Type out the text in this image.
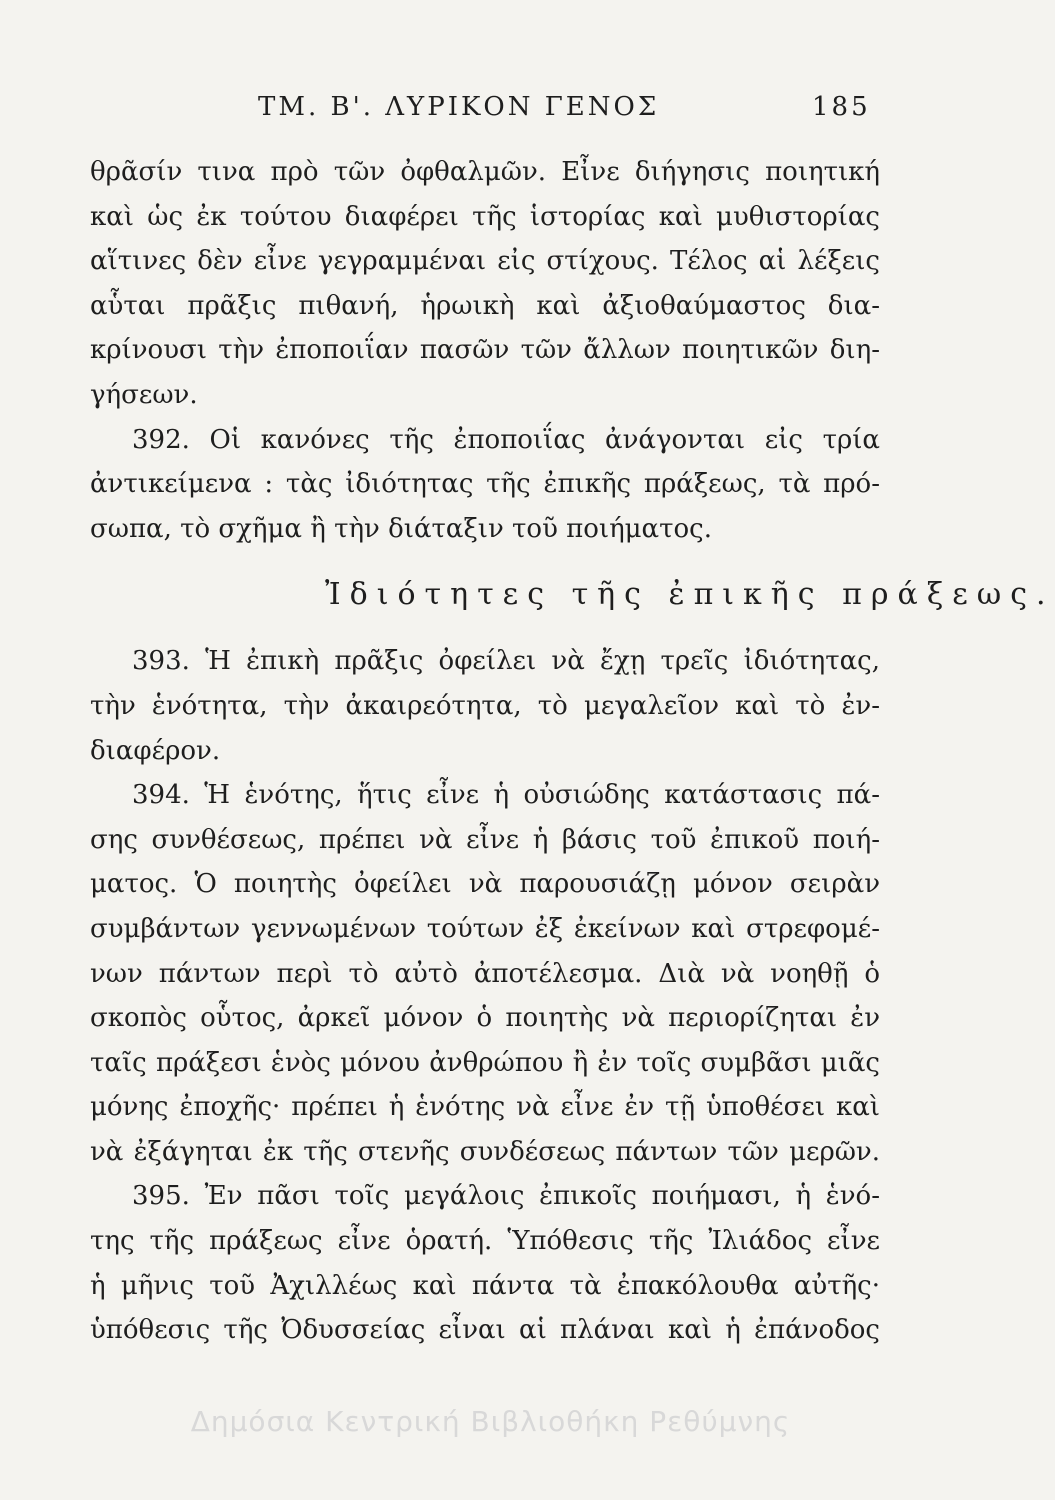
ΤΜ. Β'. ΛΥΡΙΚΟΝ ΓΕΝΟΣ	185
θρᾶσίν τινα πρὸ τῶν ὀφθαλμῶν. Εἶνε διήγησις ποιητική
καὶ ὡς ἐκ τούτου διαφέρει τῆς ἱστορίας καὶ μυθιστορίας
αἵτινες δὲν εἶνε γεγραμμέναι εἰς στίχους. Τέλος αἱ λέξεις
αὗται πρᾶξις πιθανή, ἡρωικὴ καὶ ἀξιοθαύμαστος δια-
κρίνουσι τὴν ἐποποιΐαν πασῶν τῶν ἄλλων ποιητικῶν διη-
γήσεων.
392. Οἱ κανόνες τῆς ἐποποιΐας ἀνάγονται εἰς τρία
ἀντικείμενα : τὰς ἰδιότητας τῆς ἐπικῆς πράξεως, τὰ πρό-
σωπα, τὸ σχῆμα ἢ τὴν διάταξιν τοῦ ποιήματος.
Ἰδιότητες τῆς ἐπικῆς πράξεως.
393. Ἡ ἐπικὴ πρᾶξις ὀφείλει νὰ ἔχῃ τρεῖς ἰδιότητας,
τὴν ἑνότητα, τὴν ἀκαιρεότητα, τὸ μεγαλεῖον καὶ τὸ ἐν-
διαφέρον.
394. Ἡ ἑνότης, ἥτις εἶνε ἡ οὐσιώδης κατάστασις πά-
σης συνθέσεως, πρέπει νὰ εἶνε ἡ βάσις τοῦ ἐπικοῦ ποιή-
ματος. Ὁ ποιητὴς ὀφείλει νὰ παρουσιάζῃ μόνον σειρὰν
συμβάντων γεννωμένων τούτων ἐξ ἐκείνων καὶ στρεφομέ-
νων πάντων περὶ τὸ αὐτὸ ἀποτέλεσμα. Διὰ νὰ νοηθῇ ὁ
σκοπὸς οὗτος, ἀρκεῖ μόνον ὁ ποιητὴς νὰ περιορίζηται ἐν
ταῖς πράξεσι ἑνὸς μόνου ἀνθρώπου ἢ ἐν τοῖς συμβᾶσι μιᾶς
μόνης ἐποχῆς· πρέπει ἡ ἑνότης νὰ εἶνε ἐν τῇ ὑποθέσει καὶ
νὰ ἐξάγηται ἐκ τῆς στενῆς συνδέσεως πάντων τῶν μερῶν.
395. Ἐν πᾶσι τοῖς μεγάλοις ἐπικοῖς ποιήμασι, ἡ ἑνό-
της τῆς πράξεως εἶνε ὁρατή. Ὑπόθεσις τῆς Ἰλιάδος εἶνε
ἡ μῆνις τοῦ Ἀχιλλέως καὶ πάντα τὰ ἐπακόλουθα αὐτῆς·
ὑπόθεσις τῆς Ὀδυσσείας εἶναι αἱ πλάναι καὶ ἡ ἐπάνοδος
Δημόσια Κεντρική Βιβλιοθήκη Ρεθύμνης
